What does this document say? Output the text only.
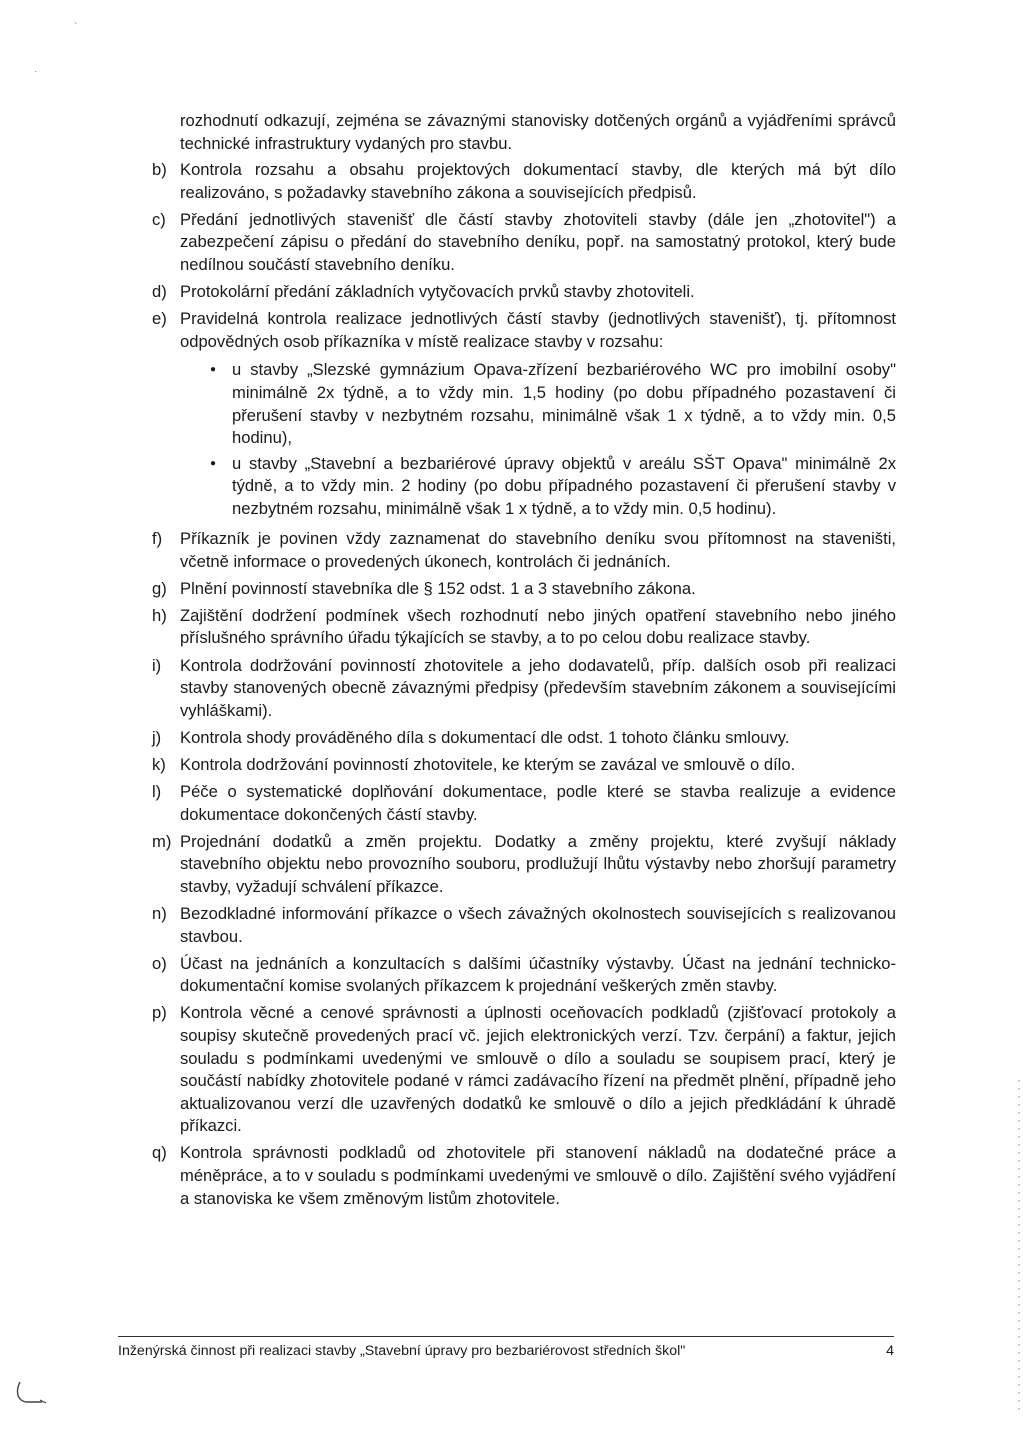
`
·
rozhodnutí odkazují, zejména se závaznými stanovisky dotčených orgánů a vyjádřeními správců technické infrastruktury vydaných pro stavbu.
b) Kontrola rozsahu a obsahu projektových dokumentací stavby, dle kterých má být dílo realizováno, s požadavky stavebního zákona a souvisejících předpisů.
c) Předání jednotlivých stavenišť dle částí stavby zhotoviteli stavby (dále jen „zhotovitel") a zabezpečení zápisu o předání do stavebního deníku, popř. na samostatný protokol, který bude nedílnou součástí stavebního deníku.
d) Protokolární předání základních vytyčovacích prvků stavby zhotoviteli.
e) Pravidelná kontrola realizace jednotlivých částí stavby (jednotlivých stavenišť), tj. přítomnost odpovědných osob příkazníka v místě realizace stavby v rozsahu:
● u stavby „Slezské gymnázium Opava-zřízení bezbariérového WC pro imobilní osoby" minimálně 2x týdně, a to vždy min. 1,5 hodiny (po dobu případného pozastavení či přerušení stavby v nezbytném rozsahu, minimálně však 1 x týdně, a to vždy min. 0,5 hodinu),
● u stavby „Stavební a bezbariérové úpravy objektů v areálu SŠT Opava" minimálně 2x týdně, a to vždy min. 2 hodiny (po dobu případného pozastavení či přerušení stavby v nezbytném rozsahu, minimálně však 1 x týdně, a to vždy min. 0,5 hodinu).
f)	Příkazník je povinen vždy zaznamenat do stavebního deníku svou přítomnost na staveništi, včetně informace o provedených úkonech, kontrolách či jednáních.
g) Plnění povinností stavebníka dle § 152 odst. 1 a 3 stavebního zákona.
h) Zajištění dodržení podmínek všech rozhodnutí nebo jiných opatření stavebního nebo jiného příslušného správního úřadu týkajících se stavby, a to po celou dobu realizace stavby.
i)	Kontrola dodržování povinností zhotovitele a jeho dodavatelů, příp. dalších osob při realizaci stavby stanovených obecně závaznými předpisy (především stavebním zákonem a souvisejícími vyhláškami).
j)	Kontrola shody prováděného díla s dokumentací dle odst. 1 tohoto článku smlouvy.
k) Kontrola dodržování povinností zhotovitele, ke kterým se zavázal ve smlouvě o dílo.
l)	Péče o systematické doplňování dokumentace, podle které se stavba realizuje a evidence dokumentace dokončených částí stavby.
m) Projednání dodatků a změn projektu. Dodatky a změny projektu, které zvyšují náklady stavebního objektu nebo provozního souboru, prodlužují lhůtu výstavby nebo zhoršují parametry stavby, vyžadují schválení příkazce.
n) Bezodkladné informování příkazce o všech závažných okolnostech souvisejících s realizovanou stavbou.
o) Účast na jednáních a konzultacích s dalšími účastníky výstavby. Účast na jednání technicko-dokumentační komise svolaných příkazcem k projednání veškerých změn stavby.
p) Kontrola věcné a cenové správnosti a úplnosti oceňovacích podkladů (zjišťovací protokoly a soupisy skutečně provedených prací vč. jejich elektronických verzí. Tzv. čerpání) a faktur, jejich souladu s podmínkami uvedenými ve smlouvě o dílo a souladu se soupisem prací, který je součástí nabídky zhotovitele podané v rámci zadávacího řízení na předmět plnění, případně jeho aktualizovanou verzí dle uzavřených dodatků ke smlouvě o dílo a jejich předkládání k úhradě příkazci.
q) Kontrola správnosti podkladů od zhotovitele při stanovení nákladů na dodatečné práce a méněpráce, a to v souladu s podmínkami uvedenými ve smlouvě o dílo. Zajištění svého vyjádření a stanoviska ke všem změnovým listům zhotovitele.
Inženýrská činnost při realizaci stavby „Stavební úpravy pro bezbariérovost středních škol"	4
